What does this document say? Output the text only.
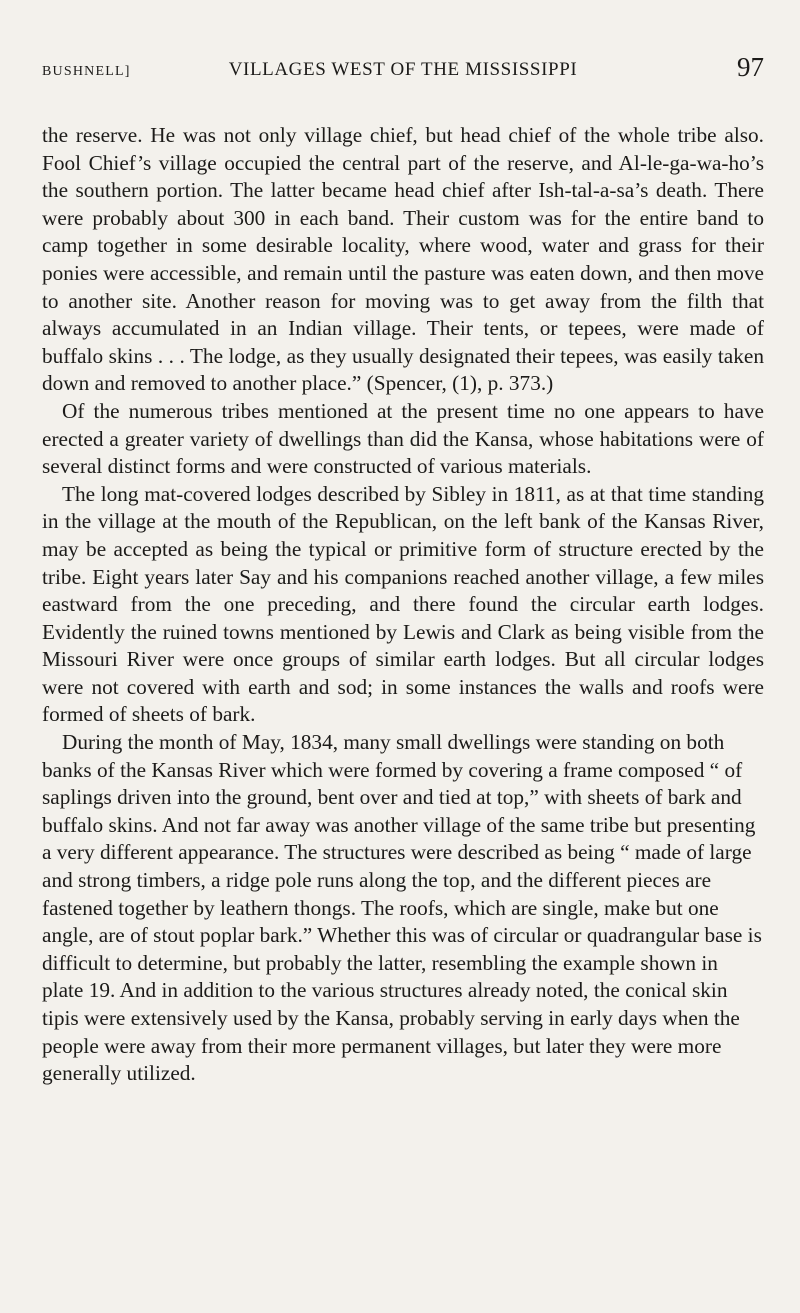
BUSHNELL]	VILLAGES WEST OF THE MISSISSIPPI	97

the reserve. He was not only village chief, but head chief of the whole tribe also. Fool Chief’s village occupied the central part of the reserve, and Al-le-ga-wa-ho’s the southern portion. The latter became head chief after Ish-tal-a-sa’s death. There were probably about 300 in each band. Their custom was for the entire band to camp together in some desirable locality, where wood, water and grass for their ponies were accessible, and remain until the pasture was eaten down, and then move to another site. Another reason for moving was to get away from the filth that always accumulated in an Indian village. Their tents, or tepees, were made of buffalo skins . . . The lodge, as they usually designated their tepees, was easily taken down and removed to another place.” (Spencer, (1), p. 373.)

Of the numerous tribes mentioned at the present time no one appears to have erected a greater variety of dwellings than did the Kansa, whose habitations were of several distinct forms and were constructed of various materials.

The long mat-covered lodges described by Sibley in 1811, as at that time standing in the village at the mouth of the Republican, on the left bank of the Kansas River, may be accepted as being the typical or primitive form of structure erected by the tribe. Eight years later Say and his companions reached another village, a few miles eastward from the one preceding, and there found the circular earth lodges. Evidently the ruined towns mentioned by Lewis and Clark as being visible from the Missouri River were once groups of similar earth lodges. But all circular lodges were not covered with earth and sod; in some instances the walls and roofs were formed of sheets of bark.

During the month of May, 1834, many small dwellings were standing on both banks of the Kansas River which were formed by covering a frame composed “ of saplings driven into the ground, bent over and tied at top,” with sheets of bark and buffalo skins. And not far away was another village of the same tribe but presenting a very different appearance. The structures were described as being “ made of large and strong timbers, a ridge pole runs along the top, and the different pieces are fastened together by leathern thongs. The roofs, which are single, make but one angle, are of stout poplar bark.” Whether this was of circular or quadrangular base is difficult to determine, but probably the latter, resembling the example shown in plate 19. And in addition to the various structures already noted, the conical skin tipis were extensively used by the Kansa, probably serving in early days when the people were away from their more permanent villages, but later they were more generally utilized.
